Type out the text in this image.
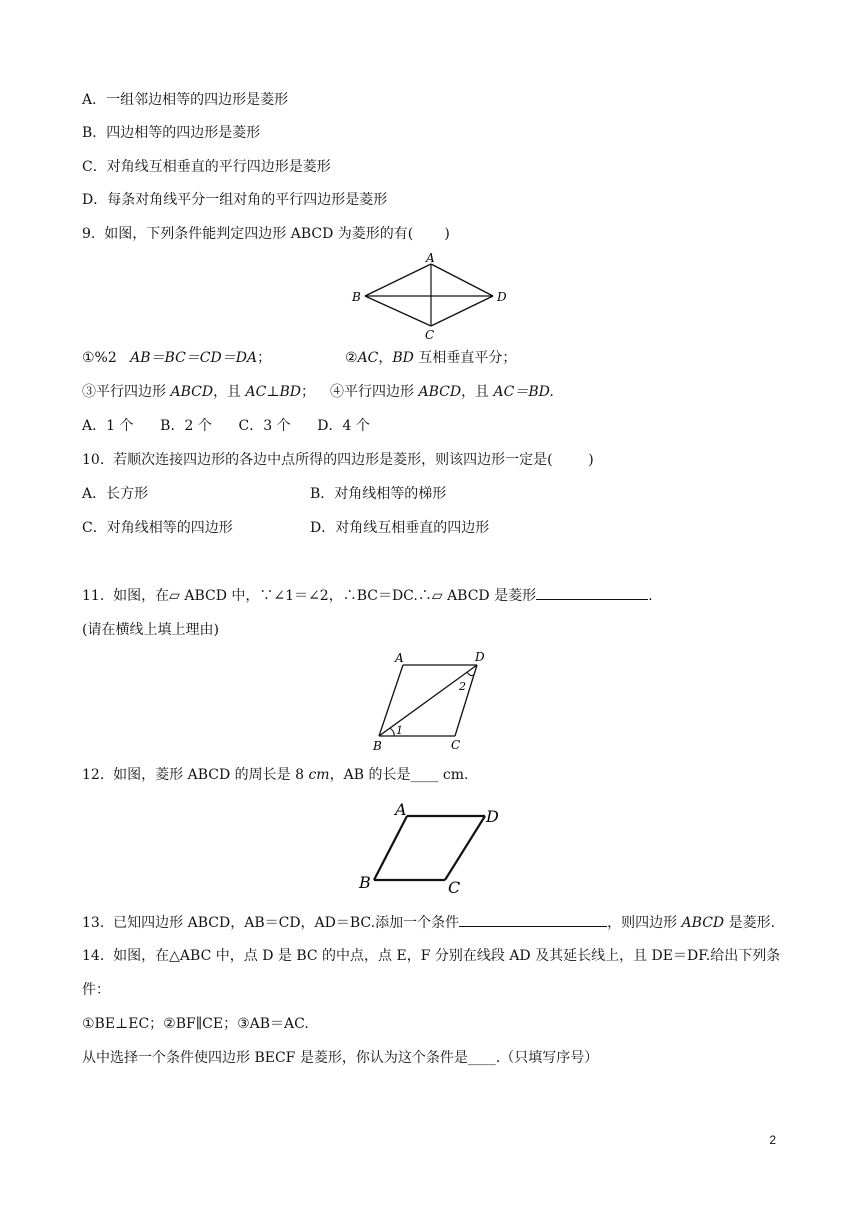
A．一组邻边相等的四边形是菱形
B．四边相等的四边形是菱形
C．对角线互相垂直的平行四边形是菱形
D．每条对角线平分一组对角的平行四边形是菱形
9.  如图，下列条件能判定四边形 ABCD 为菱形的有(       )
A
B	D
C
①%2   AB＝BC＝CD＝DA；	②AC，BD 互相垂直平分；
③平行四边形 ABCD，且 AC⊥BD； ④平行四边形 ABCD，且 AC＝BD.
A．1 个      B．2 个      C．3 个      D．4 个
10.  若顺次连接四边形的各边中点所得的四边形是菱形，则该四边形一定是(        )
A．长方形	B．对角线相等的梯形
C．对角线相等的四边形	D．对角线互相垂直的四边形
11.  如图，在▱ ABCD 中，∵∠1＝∠2，∴BC＝DC.∴▱ ABCD 是菱形	.
(请在横线上填上理由)
A	D
B	C
1
2
12.  如图，菱形 ABCD 的周长是 8 cm，AB 的长是____ cm.
A	D
B	C
13.  已知四边形 ABCD，AB＝CD，AD＝BC.添加一个条件	，则四边形 ABCD 是菱形.
14.  如图，在△ABC 中，点 D 是 BC 的中点，点 E，F 分别在线段 AD 及其延长线上，且 DE＝DF.给出下列条
件：
①BE⊥EC；②BF∥CE；③AB＝AC.
从中选择一个条件使四边形 BECF 是菱形，你认为这个条件是____.（只填写序号）
2
